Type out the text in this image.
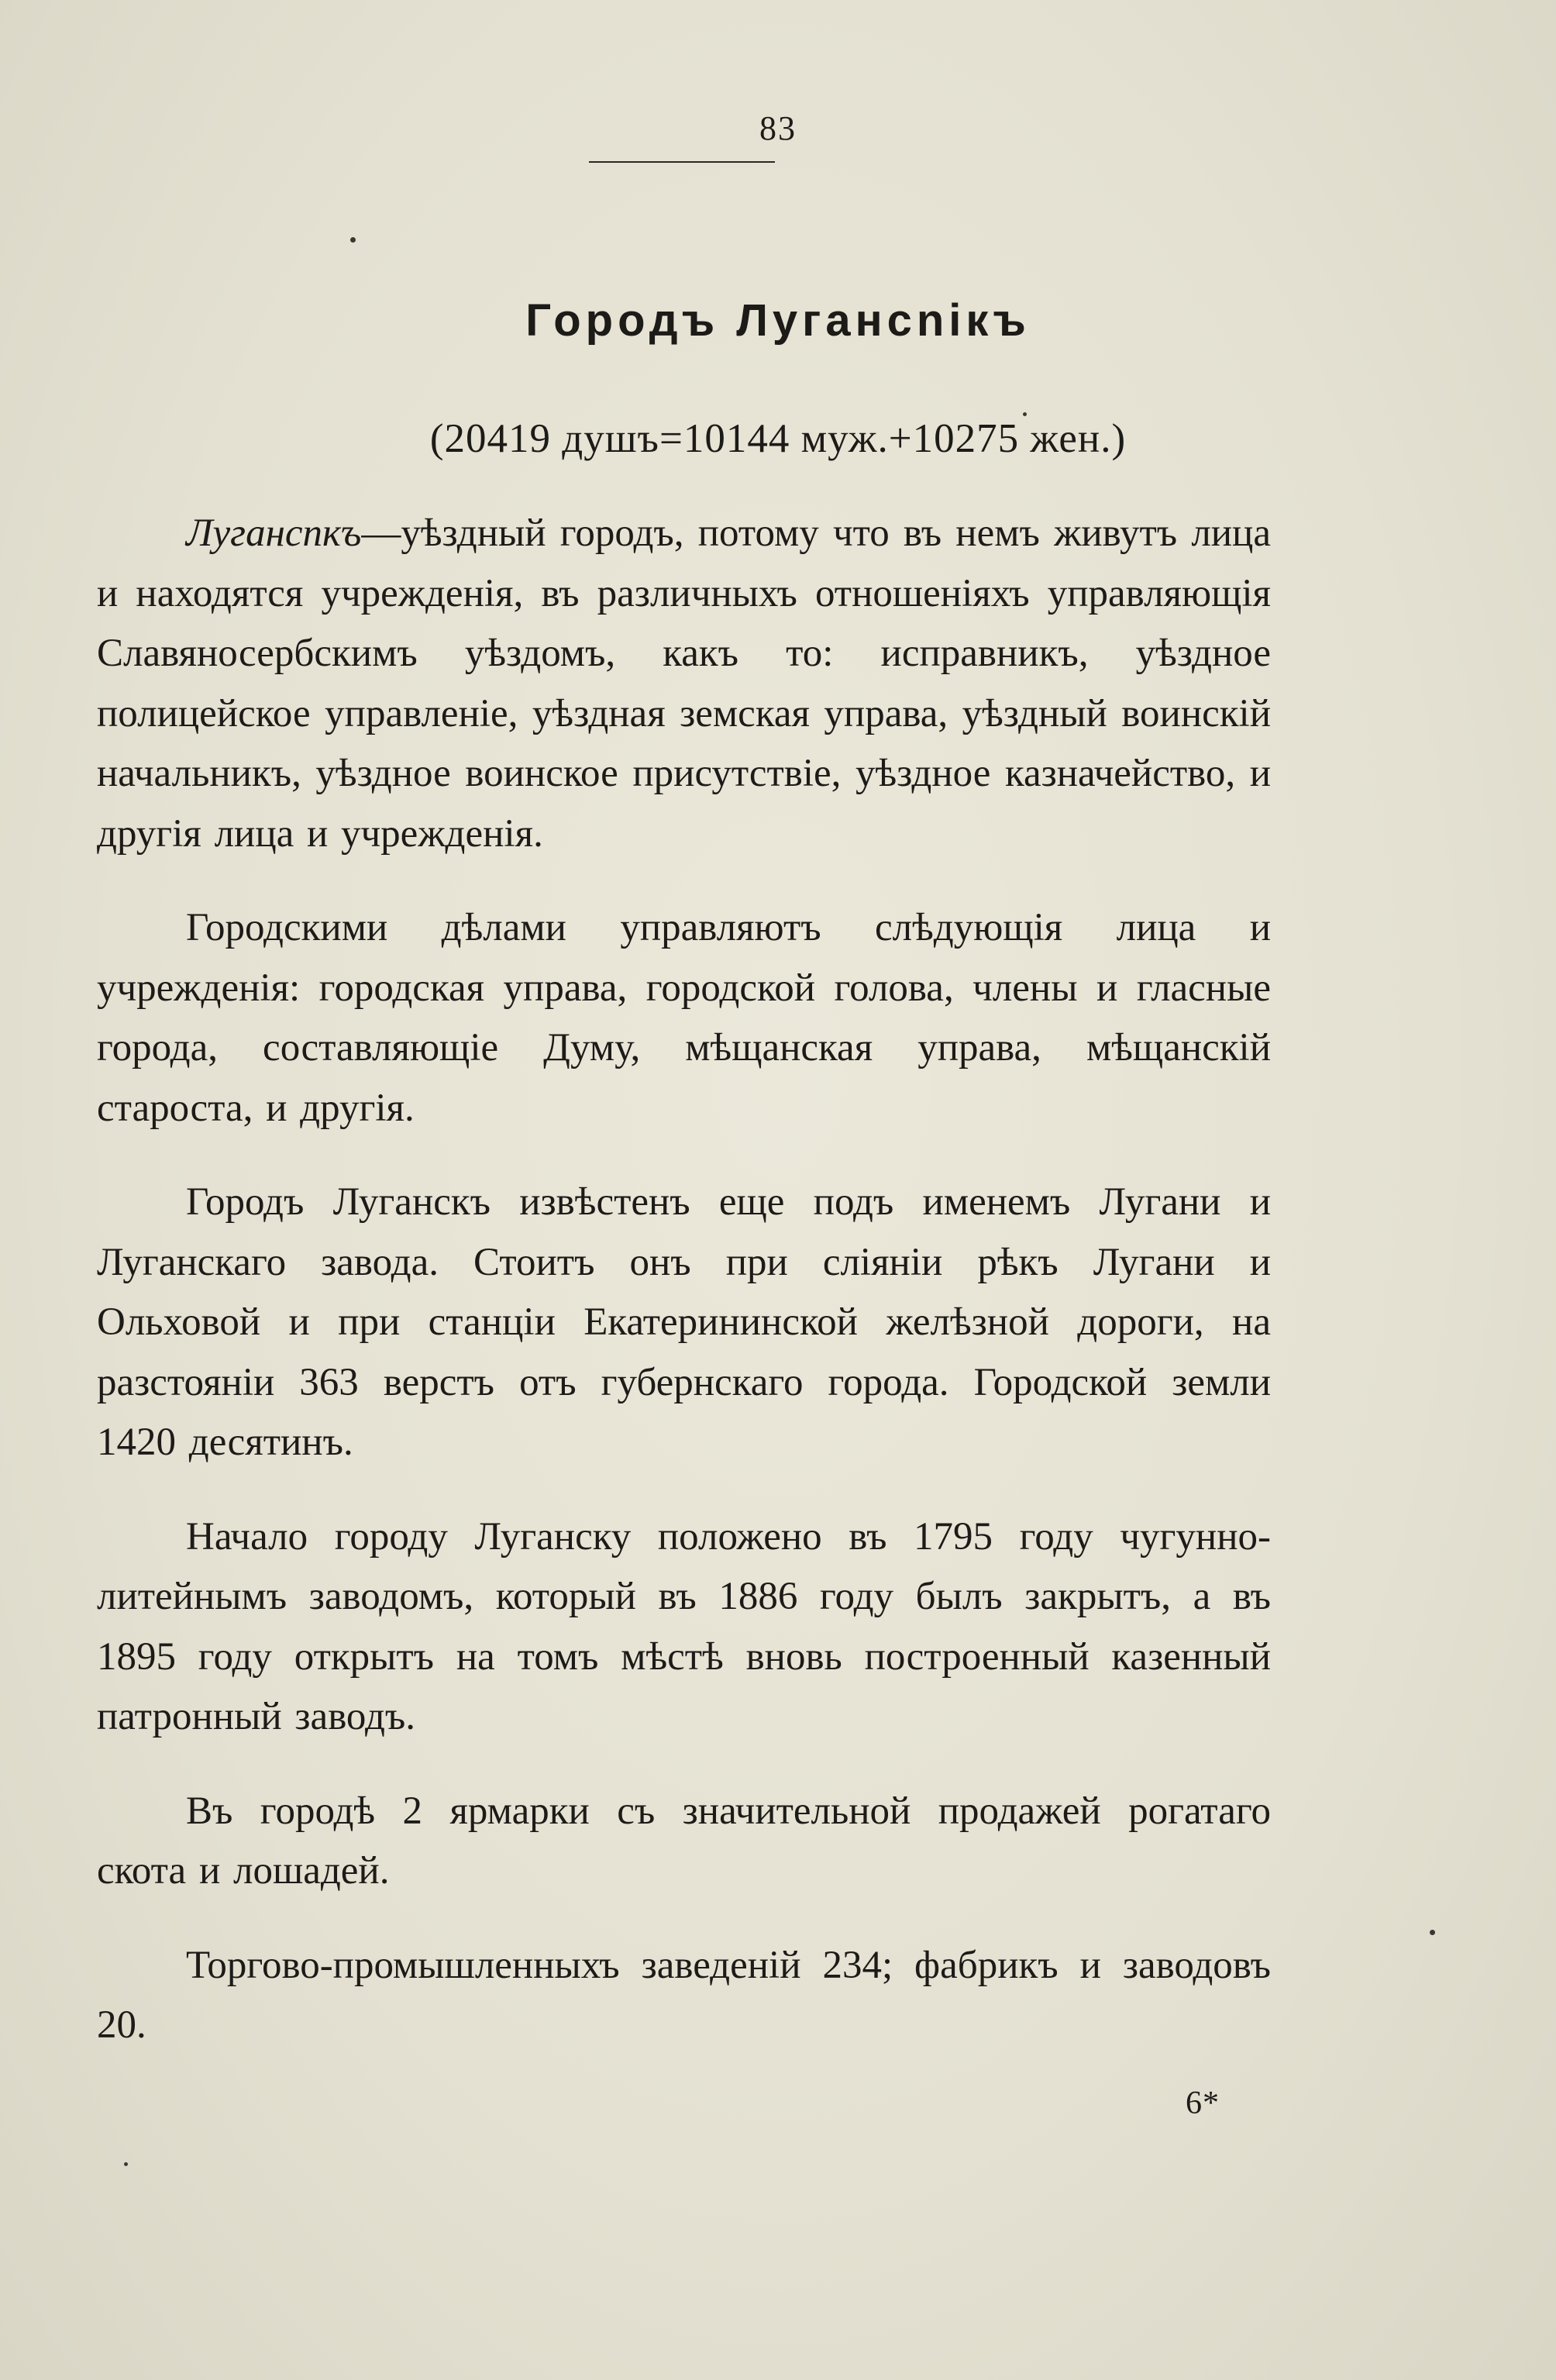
83
Городъ Лугансniкъ
(20419 душъ=10144 муж.+10275 жен.)

Лугансnкъ—уѣздный городъ, потому что въ немъ живутъ лица и находятся учрежденія, въ различныхъ отношеніяхъ управляющія Славяносербскимъ уѣздомъ, какъ то: исправникъ, уѣздное полицейское управленіе, уѣздная земская управа, уѣздный воинскій начальникъ, уѣздное воинское присутствіе, уѣздное казначейство, и другія лица и учрежденія.

Городскими дѣлами управляютъ слѣдующія лица и учрежденія: городская управа, городской голова, члены и гласные города, составляющіе Думу, мѣщанская управа, мѣщанскій староста, и другія.

Городъ Луганскъ извѣстенъ еще подъ именемъ Лугани и Луганскаго завода. Стоитъ онъ при сліяніи рѣкъ Лугани и Ольховой и при станціи Екатерининской желѣзной дороги, на разстояніи 363 верстъ отъ губернскаго города. Городской земли 1420 десятинъ.

Начало городу Луганску положено въ 1795 году чугунно-литейнымъ заводомъ, который въ 1886 году былъ закрытъ, а въ 1895 году открытъ на томъ мѣстѣ вновь построенный казенный патронный заводъ.

Въ городѣ 2 ярмарки съ значительной продажей рогатаго скота и лошадей.

Торгово-промышленныхъ заведеній 234; фабрикъ и заводовъ 20.

6*
